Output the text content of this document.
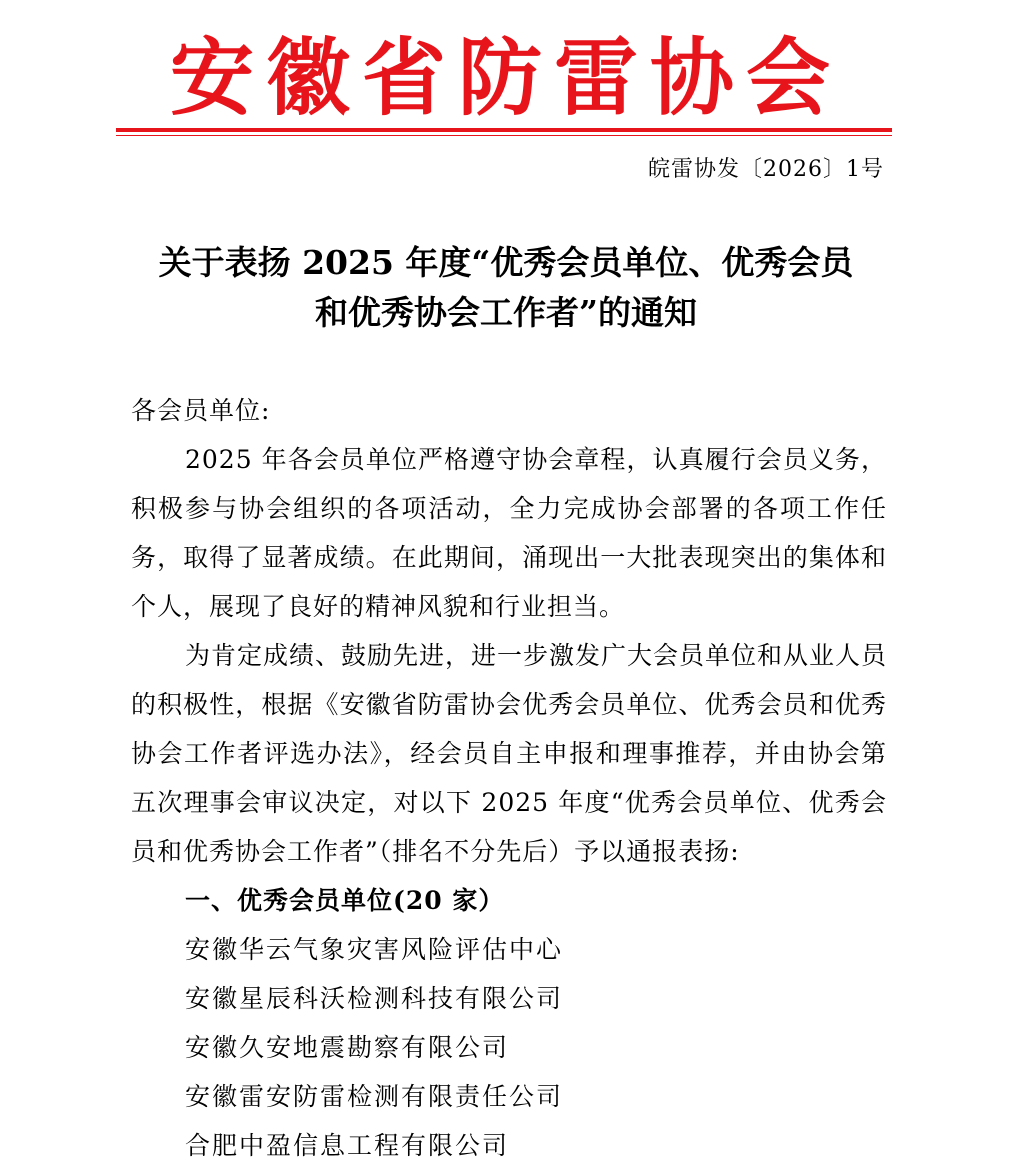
安徽省防雷协会
皖雷协发〔2026〕1号
关于表扬 2025 年度“优秀会员单位、优秀会员
和优秀协会工作者”的通知

各会员单位:

2025 年各会员单位严格遵守协会章程，认真履行会员义务，积极参与协会组织的各项活动，全力完成协会部署的各项工作任务，取得了显著成绩。在此期间，涌现出一大批表现突出的集体和个人，展现了良好的精神风貌和行业担当。

为肯定成绩、鼓励先进，进一步激发广大会员单位和从业人员的积极性，根据《安徽省防雷协会优秀会员单位、优秀会员和优秀协会工作者评选办法》，经会员自主申报和理事推荐，并由协会第五次理事会审议决定，对以下 2025 年度“优秀会员单位、优秀会员和优秀协会工作者”（排名不分先后）予以通报表扬:

一、优秀会员单位(20 家）

安徽华云气象灾害风险评估中心
安徽星辰科沃检测科技有限公司
安徽久安地震勘察有限公司
安徽雷安防雷检测有限责任公司
合肥中盈信息工程有限公司
